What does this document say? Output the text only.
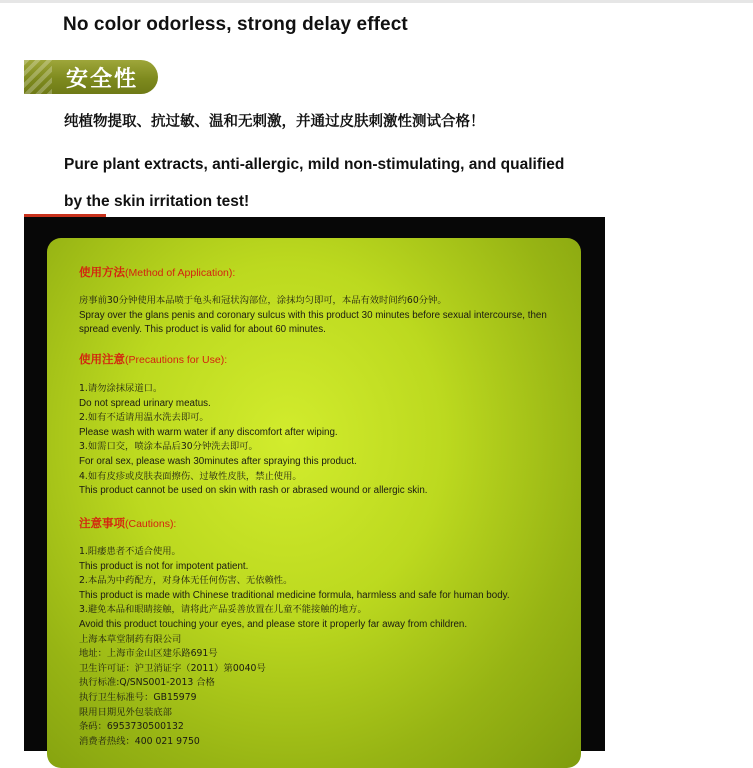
No color odorless, strong delay effect
安全性
纯植物提取、抗过敏、温和无刺激，并通过皮肤刺激性测试合格！
Pure plant extracts, anti-allergic, mild non-stimulating, and qualified by the skin irritation test!
使用方法(Method of Application):
房事前30分钟使用本品喷于龟头和冠状沟部位，涂抹均匀即可，本品有效时间约60分钟。
Spray over the glans penis and coronary sulcus with this product 30 minutes before sexual intercourse, then
spread evenly. This product is valid for about 60 minutes.
使用注意(Precautions for Use):
1.请勿涂抹尿道口。
Do not spread urinary meatus.
2.如有不适请用温水洗去即可。
Please wash with warm water if any discomfort after wiping.
3.如需口交，喷涂本品后30分钟洗去即可。
For oral sex, please wash 30minutes after spraying this product.
4.如有皮疹或皮肤表面擦伤、过敏性皮肤，禁止使用。
This product cannot be used on skin with rash or abrased wound or allergic skin.
注意事项(Cautions):
1.阳痿患者不适合使用。
This product is not for impotent patient.
2.本品为中药配方，对身体无任何伤害、无依赖性。
This product is made with Chinese traditional medicine formula, harmless and safe for human body.
3.避免本品和眼睛接触，请将此产品妥善放置在儿童不能接触的地方。
Avoid this product touching your eyes, and please store it properly far away from children.
上海本草堂制药有限公司
地址：上海市金山区建乐路691号
卫生许可证：沪卫消证字（2011）第0040号
执行标准:Q/SNS001-2013 合格
执行卫生标准号：GB15979
限用日期见外包装底部
条码：6953730500132
消费者热线：400 021 9750
